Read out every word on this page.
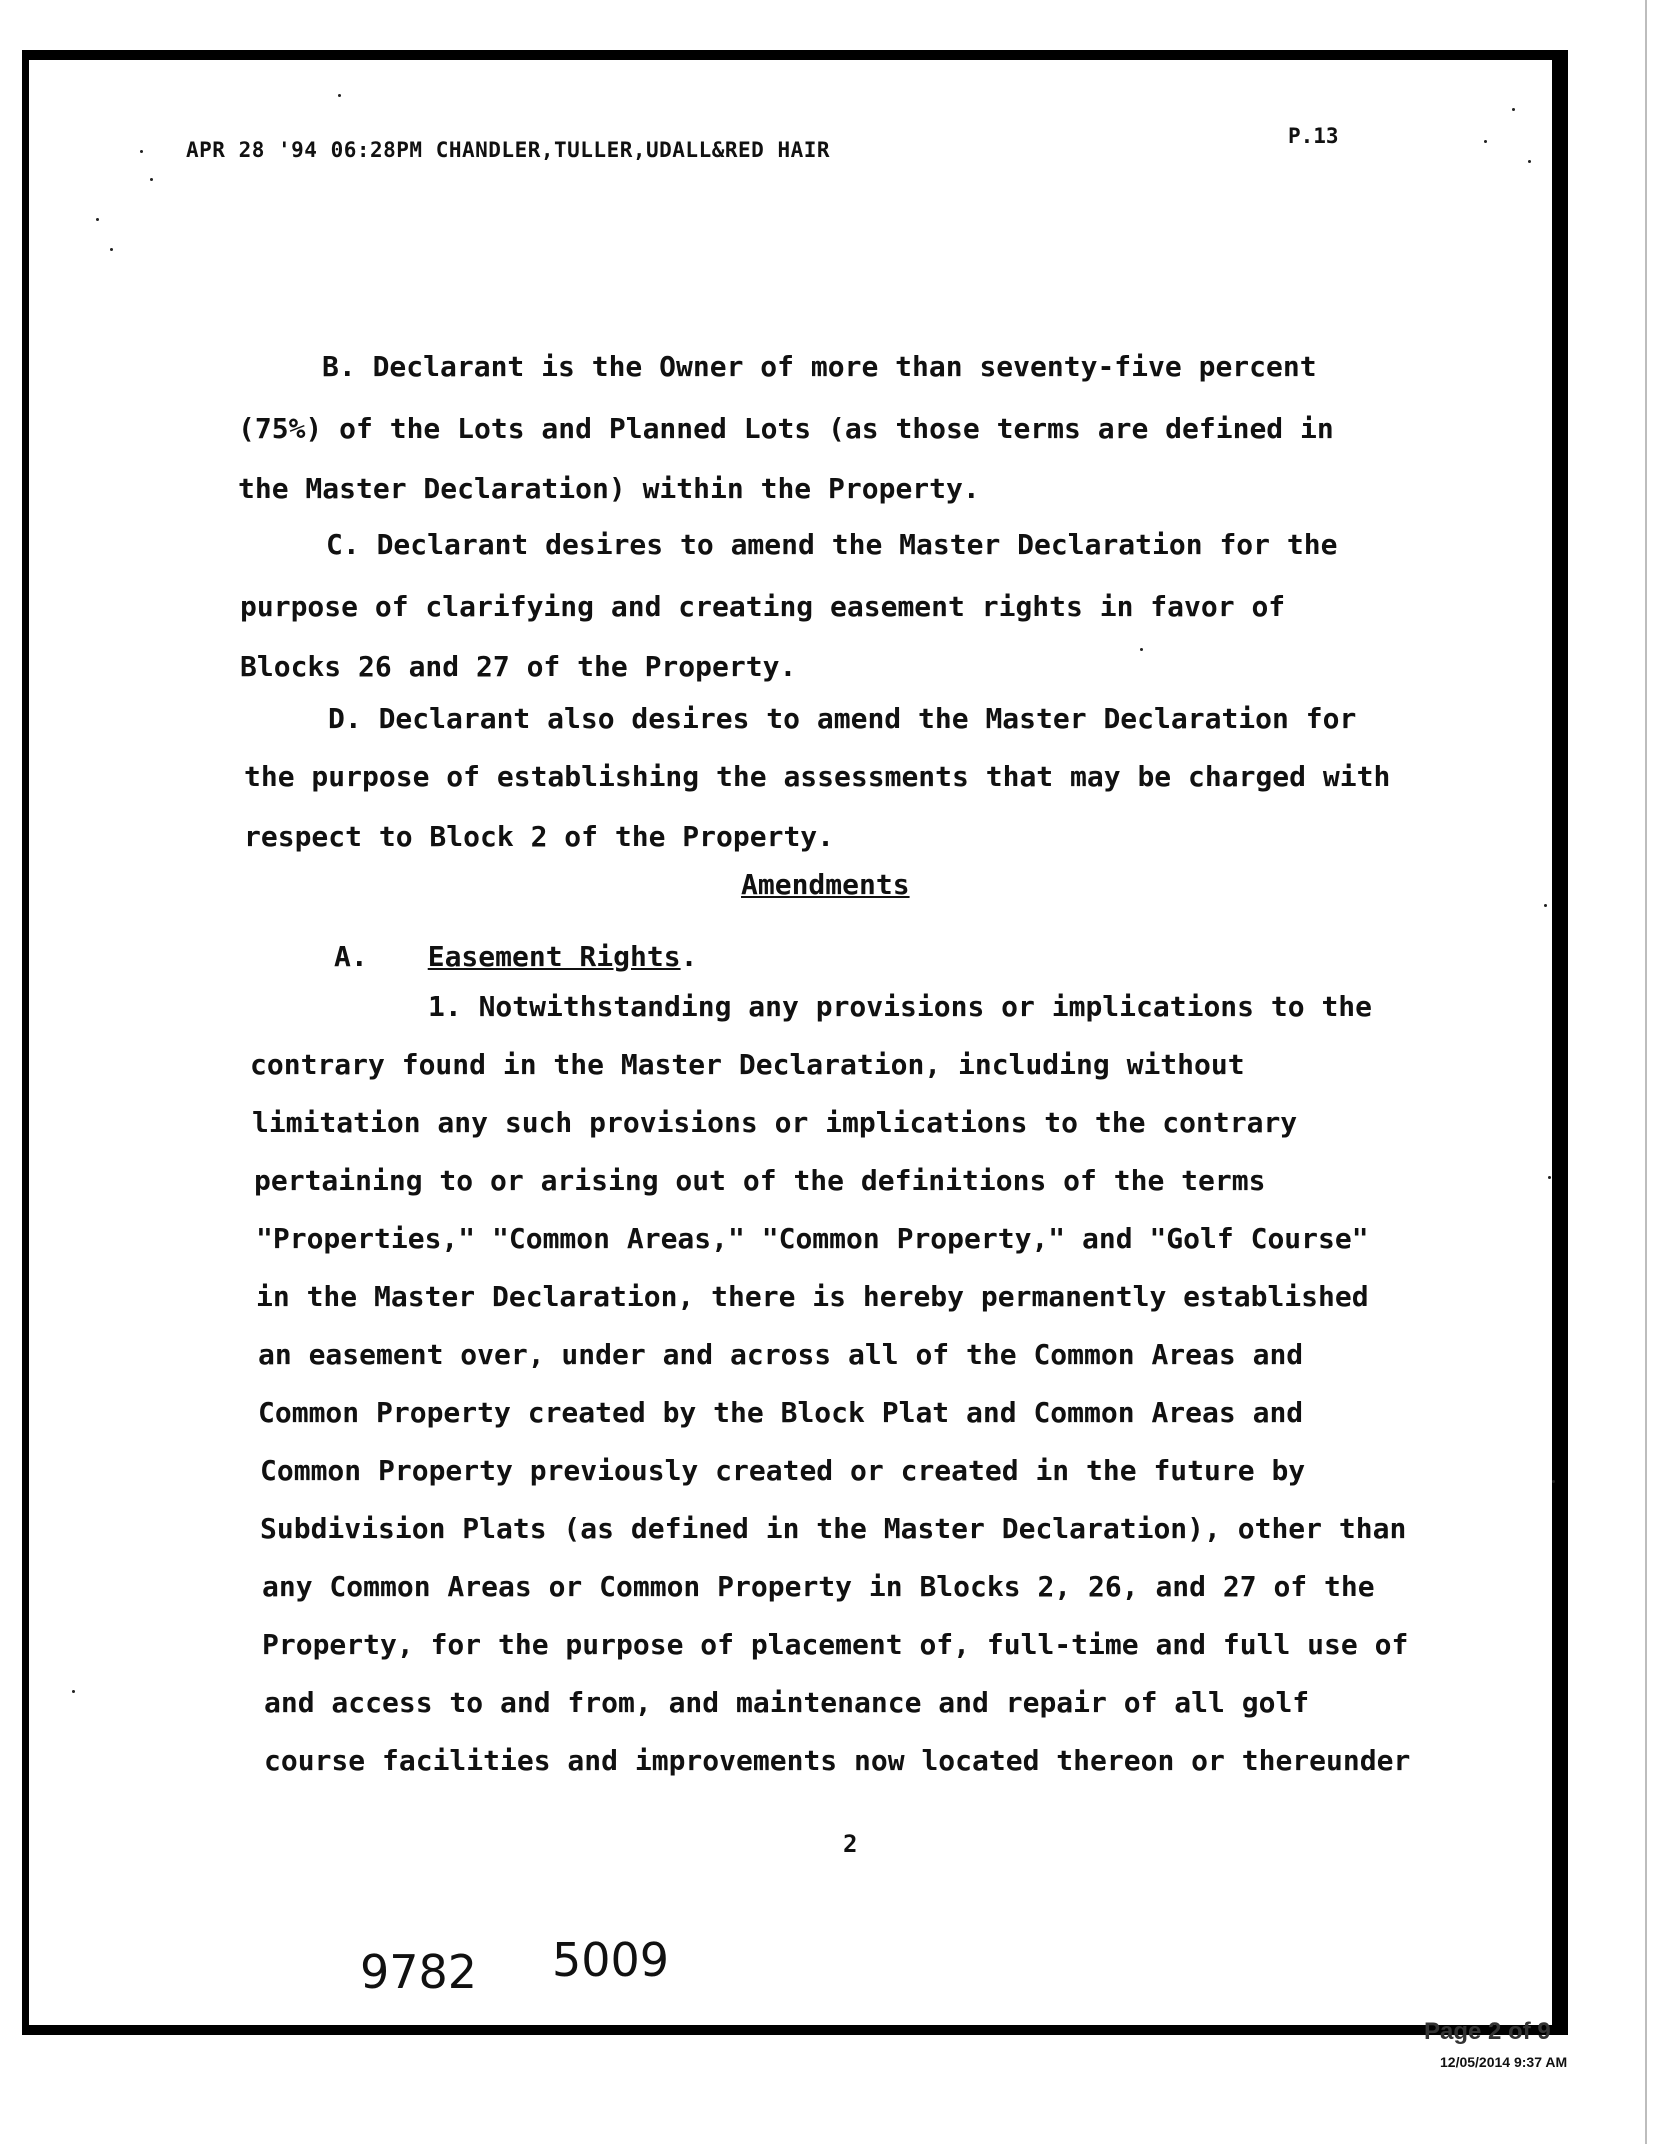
APR 28 '94 06:28PM CHANDLER,TULLER,UDALL&RED HAIR
P.13
B. Declarant is the Owner of more than seventy-five percent
(75%) of the Lots and Planned Lots (as those terms are defined in
the Master Declaration) within the Property.
C. Declarant desires to amend the Master Declaration for the
purpose of clarifying and creating easement rights in favor of
Blocks 26 and 27 of the Property.
D. Declarant also desires to amend the Master Declaration for
the purpose of establishing the assessments that may be charged with
respect to Block 2 of the Property.
Amendments
A. Easement Rights.
1. Notwithstanding any provisions or implications to the
contrary found in the Master Declaration, including without
limitation any such provisions or implications to the contrary
pertaining to or arising out of the definitions of the terms
"Properties," "Common Areas," "Common Property," and "Golf Course"
in the Master Declaration, there is hereby permanently established
an easement over, under and across all of the Common Areas and
Common Property created by the Block Plat and Common Areas and
Common Property previously created or created in the future by
Subdivision Plats (as defined in the Master Declaration), other than
any Common Areas or Common Property in Blocks 2, 26, and 27 of the
Property, for the purpose of placement of, full-time and full use of
and access to and from, and maintenance and repair of all golf
course facilities and improvements now located thereon or thereunder
2
9782 5009
Page 2 of 9
12/05/2014 9:37 AM
